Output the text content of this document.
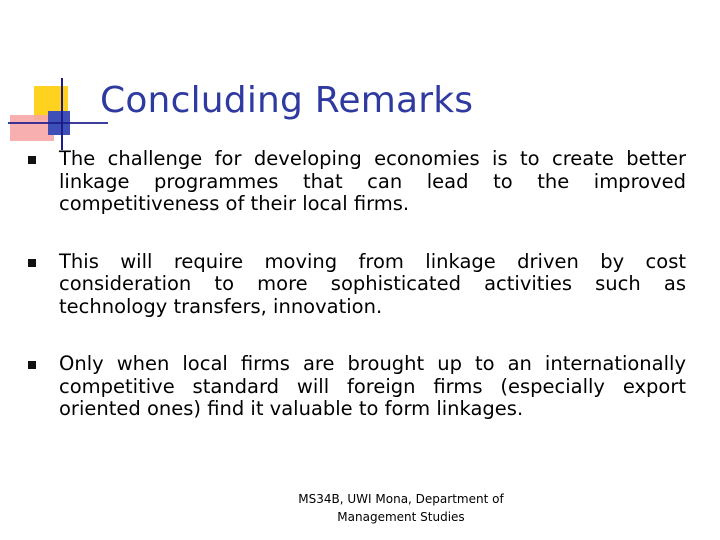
Concluding Remarks
The challenge for developing economies is to create better linkage programmes that can lead to the improved competitiveness of their local firms.
This will require moving from linkage driven by cost consideration to more sophisticated activities such as technology transfers, innovation.
Only when local firms are brought up to an internationally competitive standard will foreign firms (especially export oriented ones) find it valuable to form linkages.
MS34B, UWI Mona, Department of
Management Studies
